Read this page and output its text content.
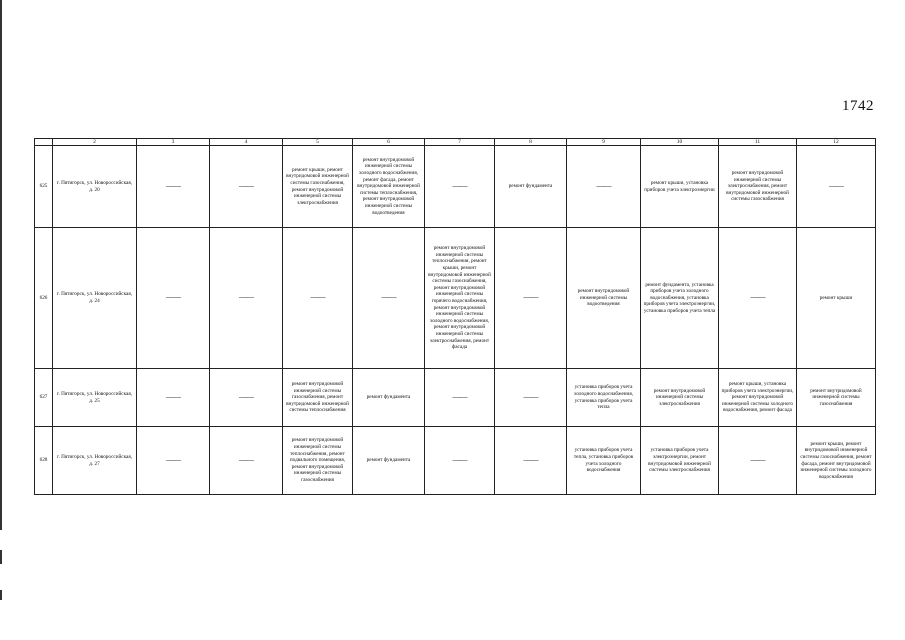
1742
	2	3	4	5	6	7	8	9	10	11	12
625	г. Пятигорск, ул. Новороссийская, д. 20	——	——	ремонт крыши, ремонт внутридомовой инженерной системы газоснабжения, ремонт внутридомовой инженерной системы электроснабжения	ремонт внутридомовой инженерной системы холодного водоснабжения, ремонт фасада, ремонт внутридомовой инженерной системы теплоснабжения, ремонт внутридомовой инженерной системы водоотведения	——	ремонт фундамента	——	ремонт крыши, установка приборов учета электроэнергии	ремонт внутридомовой инженерной системы электроснабжения, ремонт внутридомовой инженерной системы газоснабжения	——
626	г. Пятигорск, ул. Новороссийская, д. 24	——	——	——	——	ремонт внутридомовой инженерной системы теплоснабжения, ремонт крыши, ремонт внутридомовой инженерной системы газоснабжения, ремонт внутридомовой инженерной системы горячего водоснабжения, ремонт внутридомовой инженерной системы холодного водоснабжения, ремонт внутридомовой инженерной системы электроснабжения, ремонт фасада	——	ремонт внутридомовой инженерной системы водоотведения	ремонт фундамента, установка приборов учета холодного водоснабжения, установка приборов учета электроэнергии, установка приборов учета тепла	——	ремонт крыши
627	г. Пятигорск, ул. Новороссийская, д. 25	——	——	ремонт внутридомовой инженерной системы газоснабжения, ремонт внутридомовой инженерной системы теплоснабжения	ремонт фундамента	——	——	установка приборов учета холодного водоснабжения, установка приборов учета тепла	ремонт внутридомовой инженерной системы электроснабжения	ремонт крыши, установка приборов учета электроэнергии, ремонт внутридомовой инженерной системы холодного водоснабжения, ремонт фасада	ремонт внутридомовой инженерной системы газоснабжения
628	г. Пятигорск, ул. Новороссийская, д. 27	——	——	ремонт внутридомовой инженерной системы теплоснабжения, ремонт подвального помещения, ремонт внутридомовой инженерной системы газоснабжения	ремонт фундамента	——	——	установка приборов учета тепла, установка приборов учета холодного водоснабжения	установка приборов учета электроэнергии, ремонт внутридомовой инженерной системы электроснабжения	——	ремонт крыши, ремонт внутридомовой инженерной системы газоснабжения, ремонт фасада, ремонт внутридомовой инженерной системы холодного водоснабжения
